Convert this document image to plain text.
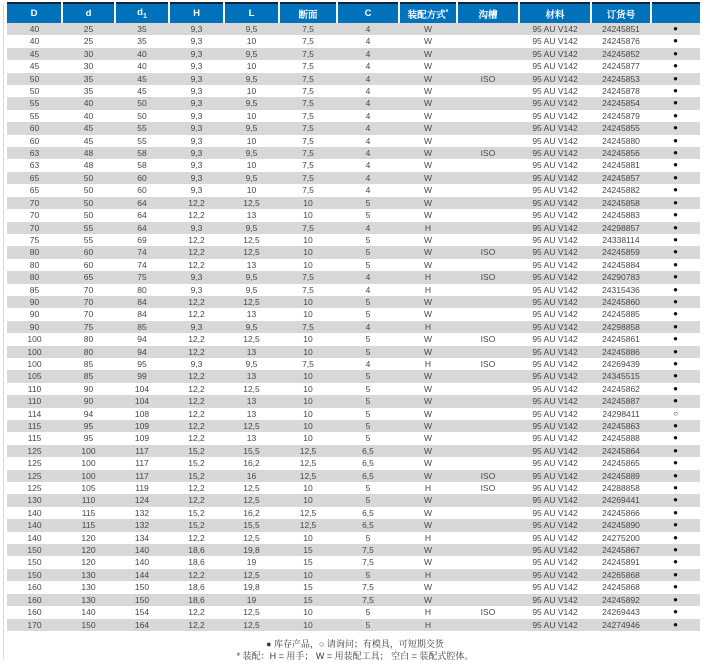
D	d	$d_1$	H	L	断面	C	装配方式*	沟槽	材料	订货号	
40	25	35	9,3	9,5	7,5	4	W		95 AU V142	24245851	●
40	25	35	9,3	10	7,5	4	W		95 AU V142	24245876	●
45	30	40	9,3	9,5	7,5	4	W		95 AU V142	24245852	●
45	30	40	9,3	10	7,5	4	W		95 AU V142	24245877	●
50	35	45	9,3	9,5	7,5	4	W	ISO	95 AU V142	24245853	●
50	35	45	9,3	10	7,5	4	W		95 AU V142	24245878	●
55	40	50	9,3	9,5	7,5	4	W		95 AU V142	24245854	●
55	40	50	9,3	10	7,5	4	W		95 AU V142	24245879	●
60	45	55	9,3	9,5	7,5	4	W		95 AU V142	24245855	●
60	45	55	9,3	10	7,5	4	W		95 AU V142	24245880	●
63	48	58	9,3	9,5	7,5	4	W	ISO	95 AU V142	24245856	●
63	48	58	9,3	10	7,5	4	W		95 AU V142	24245881	●
65	50	60	9,3	9,5	7,5	4	W		95 AU V142	24245857	●
65	50	60	9,3	10	7,5	4	W		95 AU V142	24245882	●
70	50	64	12,2	12,5	10	5	W		95 AU V142	24245858	●
70	50	64	12,2	13	10	5	W		95 AU V142	24245883	●
70	55	64	9,3	9,5	7,5	4	H		95 AU V142	24298857	●
75	55	69	12,2	12,5	10	5	W		95 AU V142	24338114	●
80	60	74	12,2	12,5	10	5	W	ISO	95 AU V142	24245859	●
80	60	74	12,2	13	10	5	W		95 AU V142	24245884	●
80	65	75	9,3	9,5	7,5	4	H	ISO	95 AU V142	24290783	●
85	70	80	9,3	9,5	7,5	4	H		95 AU V142	24315436	●
90	70	84	12,2	12,5	10	5	W		95 AU V142	24245860	●
90	70	84	12,2	13	10	5	W		95 AU V142	24245885	●
90	75	85	9,3	9,5	7,5	4	H		95 AU V142	24298858	●
100	80	94	12,2	12,5	10	5	W	ISO	95 AU V142	24245861	●
100	80	94	12,2	13	10	5	W		95 AU V142	24245886	●
100	85	95	9,3	9,5	7,5	4	H	ISO	95 AU V142	24269439	●
105	85	99	12,2	13	10	5	W		95 AU V142	24345515	●
110	90	104	12,2	12,5	10	5	W		95 AU V142	24245862	●
110	90	104	12,2	13	10	5	W		95 AU V142	24245887	●
114	94	108	12,2	13	10	5	W		95 AU V142	24298411	○
115	95	109	12,2	12,5	10	5	W		95 AU V142	24245863	●
115	95	109	12,2	13	10	5	W		95 AU V142	24245888	●
125	100	117	15,2	15,5	12,5	6,5	W		95 AU V142	24245864	●
125	100	117	15,2	16,2	12,5	6,5	W		95 AU V142	24245865	●
125	100	117	15,2	16	12,5	6,5	W	ISO	95 AU V142	24245889	●
125	105	119	12,2	12,5	10	5	H	ISO	95 AU V142	24288858	●
130	110	124	12,2	12,5	10	5	W		95 AU V142	24269441	●
140	115	132	15,2	16,2	12,5	6,5	W		95 AU V142	24245866	●
140	115	132	15,2	15,5	12,5	6,5	W		95 AU V142	24245890	●
140	120	134	12,2	12,5	10	5	H		95 AU V142	24275200	●
150	120	140	18,6	19,8	15	7,5	W		95 AU V142	24245867	●
150	120	140	18,6	19	15	7,5	W		95 AU V142	24245891	●
150	130	144	12,2	12,5	10	5	H		95 AU V142	24265868	●
160	130	150	18,6	19,8	15	7,5	W		95 AU V142	24245868	●
160	130	150	18,6	19	15	7,5	W		95 AU V142	24245892	●
160	140	154	12,2	12,5	10	5	H	ISO	95 AU V142	24269443	●
170	150	164	12,2	12,5	10	5	H		95 AU V142	24274946	●
● 库存产品，○ 请询问；有模具，可短期交货
* 装配：H = 用手； W = 用装配工具； 空白 = 装配式腔体。
